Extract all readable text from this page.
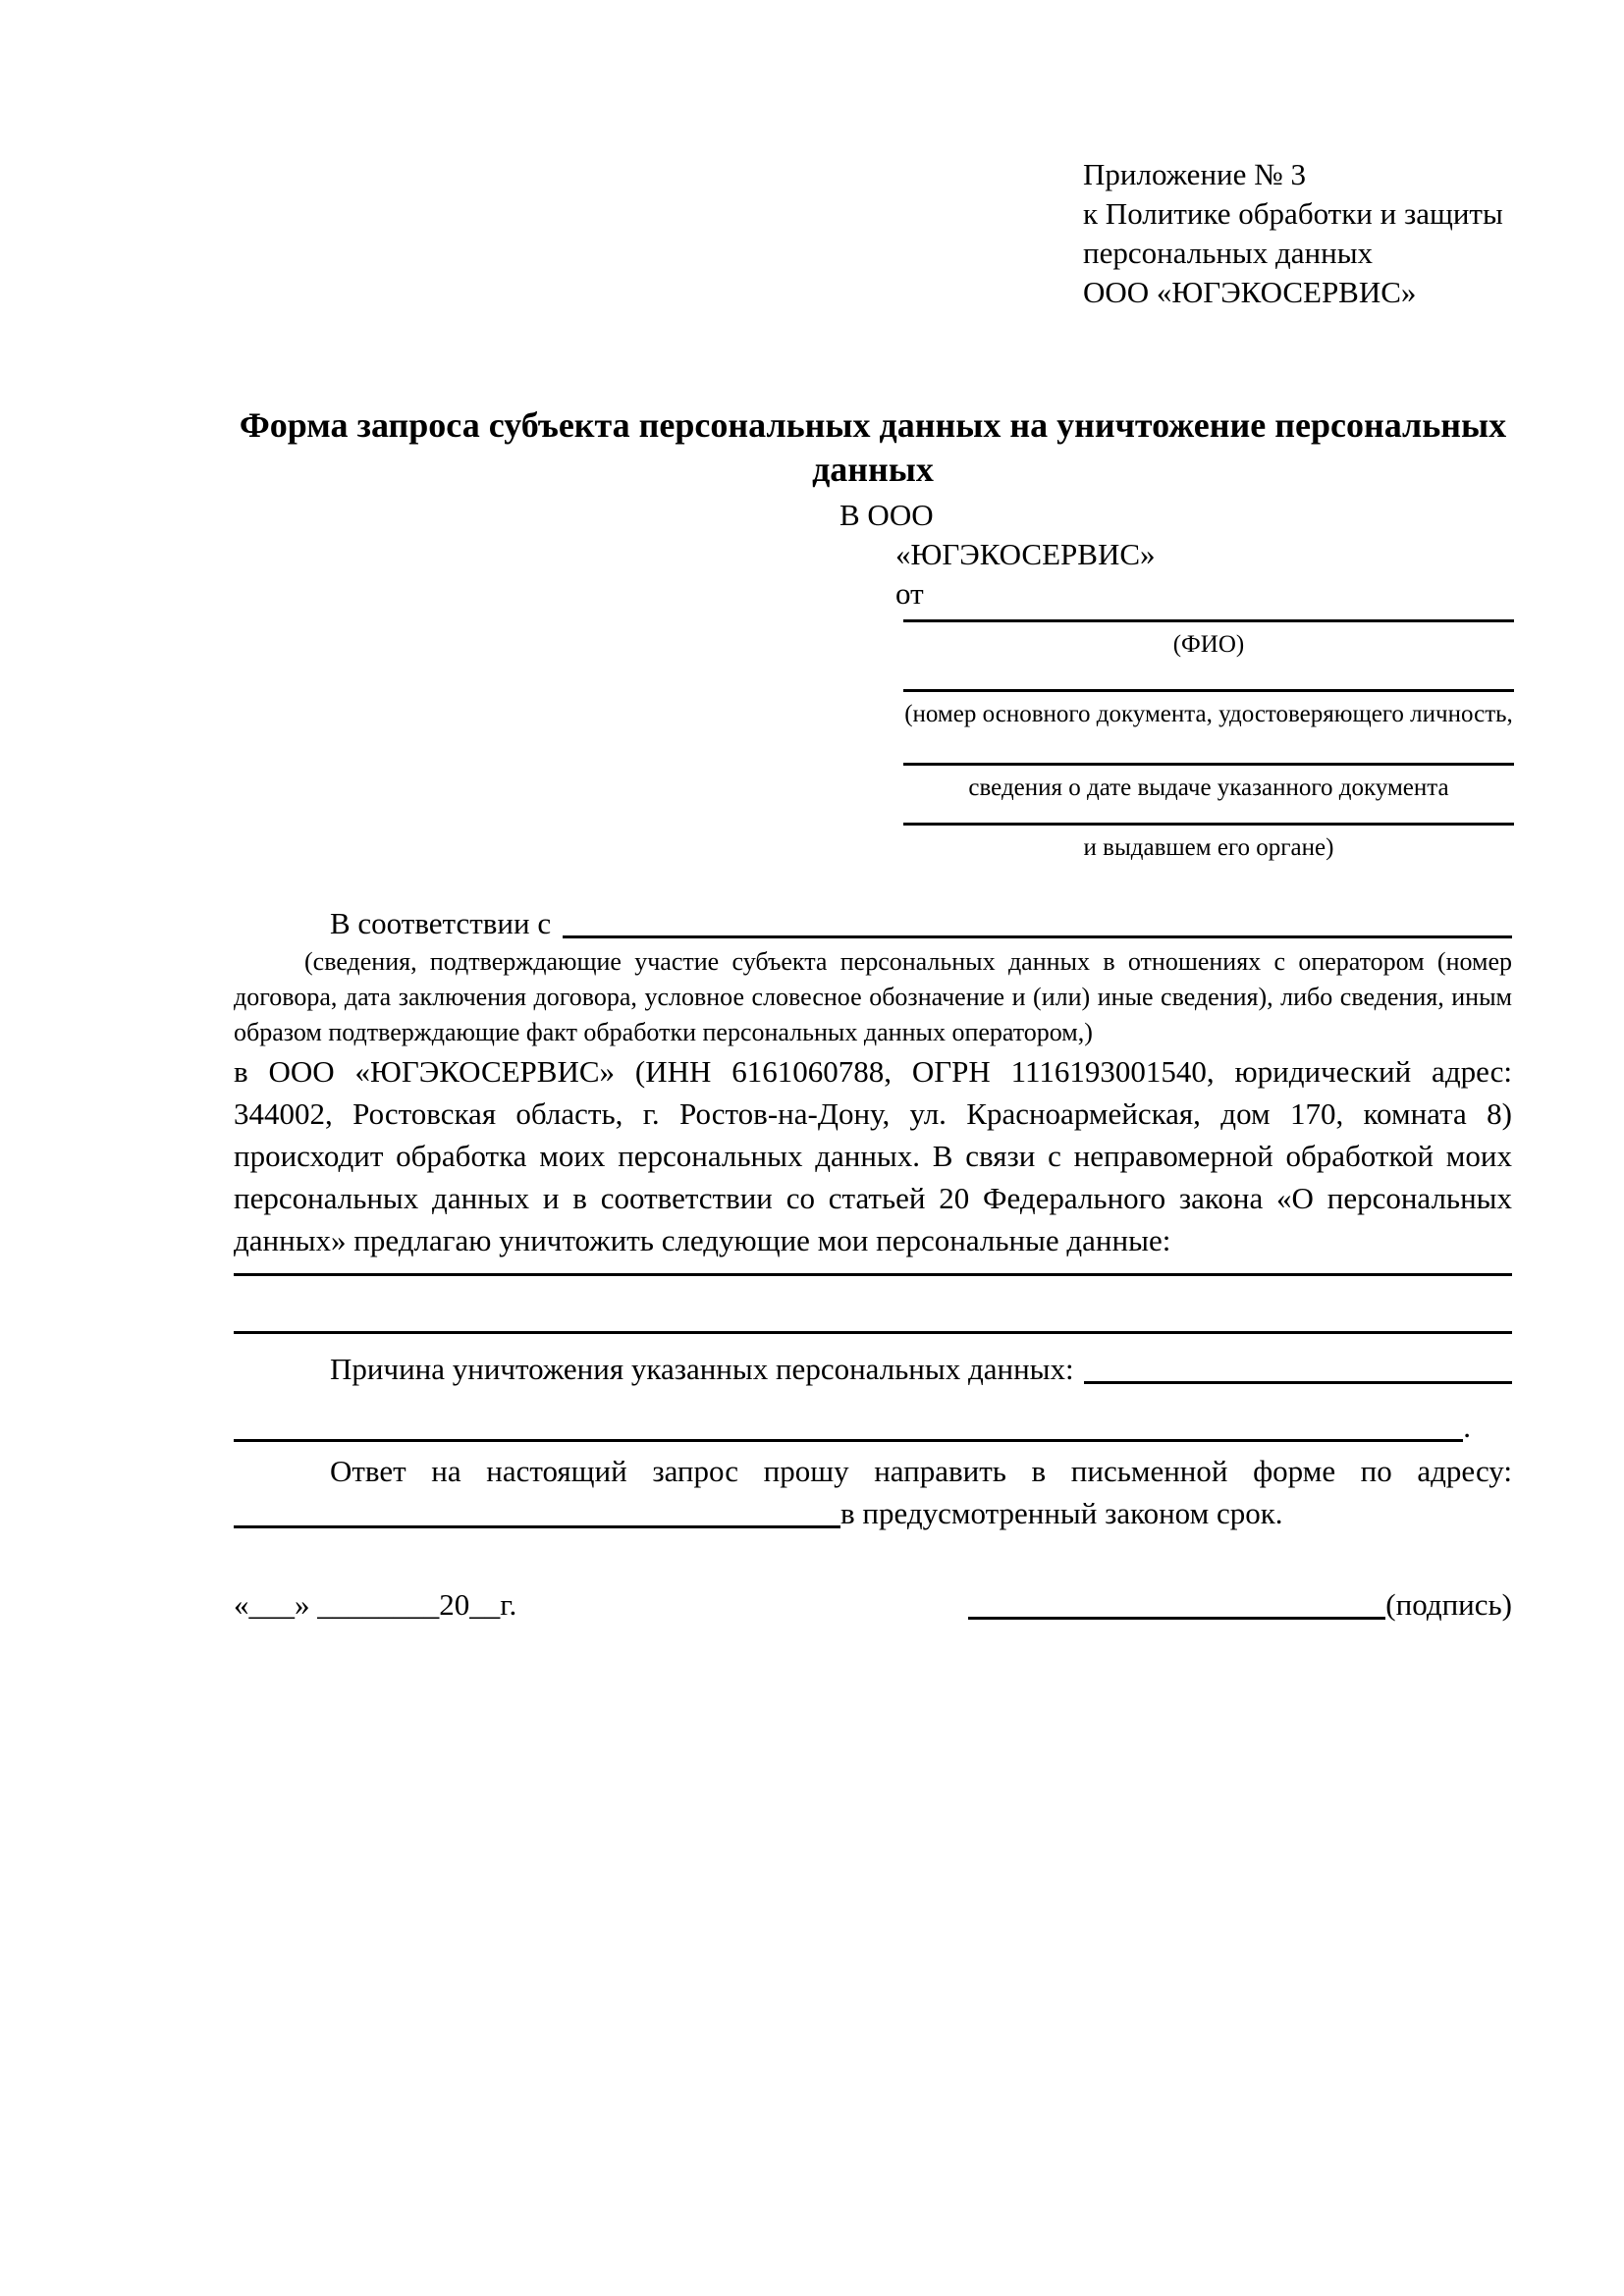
Приложение № 3
к Политике обработки и защиты
персональных данных
ООО «ЮГЭКОСЕРВИС»
Форма запроса субъекта персональных данных на уничтожение персональных данных
В ООО
«ЮГЭКОСЕРВИС»
от
(ФИО)
(номер основного документа, удостоверяющего личность,
сведения о дате выдаче указанного документа
и выдавшем его органе)
В соответствии с
(сведения, подтверждающие участие субъекта персональных данных в отношениях с оператором (номер договора, дата заключения договора, условное словесное обозначение и (или) иные сведения), либо сведения, иным образом подтверждающие факт обработки персональных данных оператором,)
в ООО «ЮГЭКОСЕРВИС» (ИНН 6161060788, ОГРН 1116193001540, юридический адрес: 344002, Ростовская область, г. Ростов-на-Дону, ул. Красноармейская, дом 170, комната 8) происходит обработка моих персональных данных. В связи с неправомерной обработкой моих персональных данных и в соответствии со статьей 20 Федерального закона «О персональных данных» предлагаю уничтожить следующие мои персональные данные:
Причина уничтожения указанных персональных данных:
.
Ответ на настоящий запрос прошу направить в письменной форме по адресу:
в предусмотренный законом срок.
«___» ________20__г.	(подпись)
